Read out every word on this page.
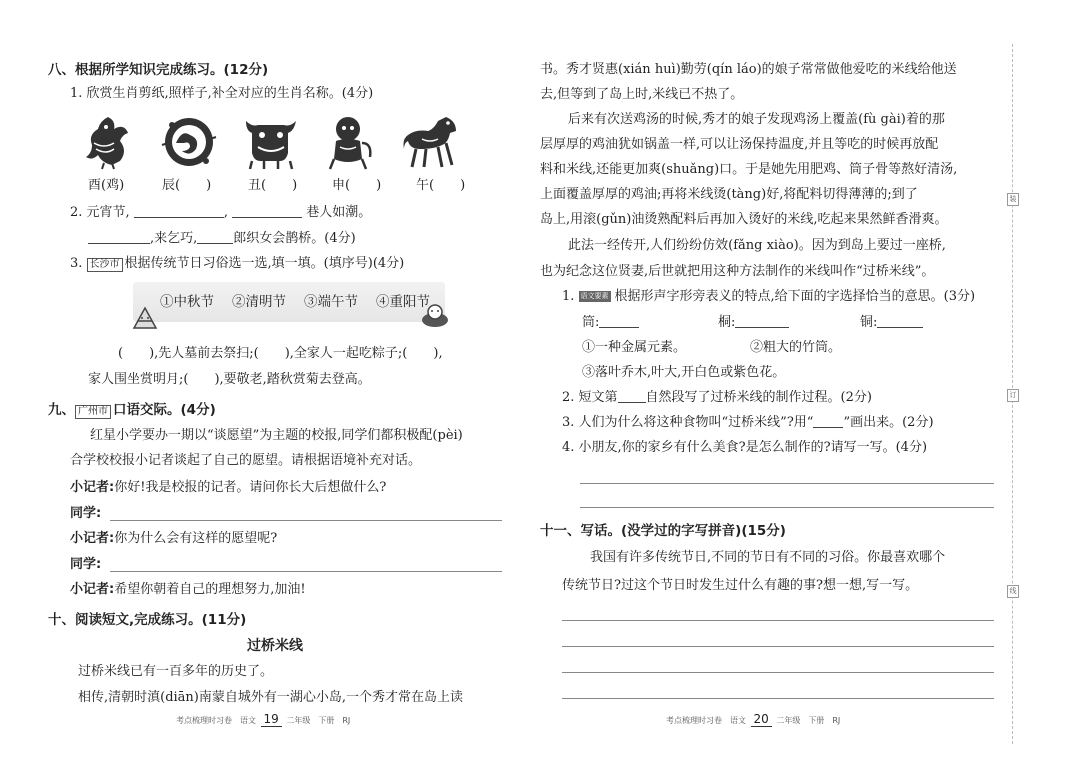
八、根据所学知识完成练习。(12分)
1. 欣赏生肖剪纸,照样子,补全对应的生肖名称。(4分)
酉(鸡)	辰(　　)	丑(　　)	申(　　)	午(　　)
2. 元宵节,	,	巷人如潮。
,来乞巧,	郎织女会鹊桥。(4分)
3. 长沙市 根据传统节日习俗选一选,填一填。(填序号)(4分)
①中秋节 ②清明节 ③端午节 ④重阳节
(　　),先人墓前去祭扫;(　　),全家人一起吃粽子;(　　),
家人围坐赏明月;(　　),要敬老,踏秋赏菊去登高。
九、 广州市 口语交际。(4分)
红星小学要办一期以“谈愿望”为主题的校报,同学们都积极配(pèi)
合学校校报小记者谈起了自己的愿望。请根据语境补充对话。
小记者:你好!我是校报的记者。请问你长大后想做什么?
同学:
小记者:你为什么会有这样的愿望呢?
同学:
小记者:希望你朝着自己的理想努力,加油!
十、阅读短文,完成练习。(11分)
过桥米线
过桥米线已有一百多年的历史了。
相传,清朝时滇(diān)南蒙自城外有一湖心小岛,一个秀才常在岛上读
考点梳理时习卷　语文 19 二年级　下册　RJ
书。秀才贤惠(xián huì)勤劳(qín láo)的娘子常常做他爱吃的米线给他送
去,但等到了岛上时,米线已不热了。
后来有次送鸡汤的时候,秀才的娘子发现鸡汤上覆盖(fù gài)着的那
层厚厚的鸡油犹如锅盖一样,可以让汤保持温度,并且等吃的时候再放配
料和米线,还能更加爽(shuǎng)口。于是她先用肥鸡、筒子骨等熬好清汤,
上面覆盖厚厚的鸡油;再将米线烫(tàng)好,将配料切得薄薄的;到了
岛上,用滚(gǔn)油烫熟配料后再加入烫好的米线,吃起来果然鲜香滑爽。
此法一经传开,人们纷纷仿效(fǎng xiào)。因为到岛上要过一座桥,
也为纪念这位贤妻,后世就把用这种方法制作的米线叫作“过桥米线”。
1. 语文要素 根据形声字形旁表义的特点,给下面的字选择恰当的意思。(3分)
筒:	桐:	铜:
①一种金属元素。	②粗大的竹筒。
③落叶乔木,叶大,开白色或紫色花。
2. 短文第 自然段写了过桥米线的制作过程。(2分)
3. 人们为什么将这种食物叫“过桥米线”?用“ ”画出来。(2分)
4. 小朋友,你的家乡有什么美食?是怎么制作的?请写一写。(4分)
十一、写话。(没学过的字写拼音)(15分)
我国有许多传统节日,不同的节日有不同的习俗。你最喜欢哪个
传统节日?过这个节日时发生过什么有趣的事?想一想,写一写。
考点梳理时习卷　语文 20 二年级　下册　RJ
装
订
线
